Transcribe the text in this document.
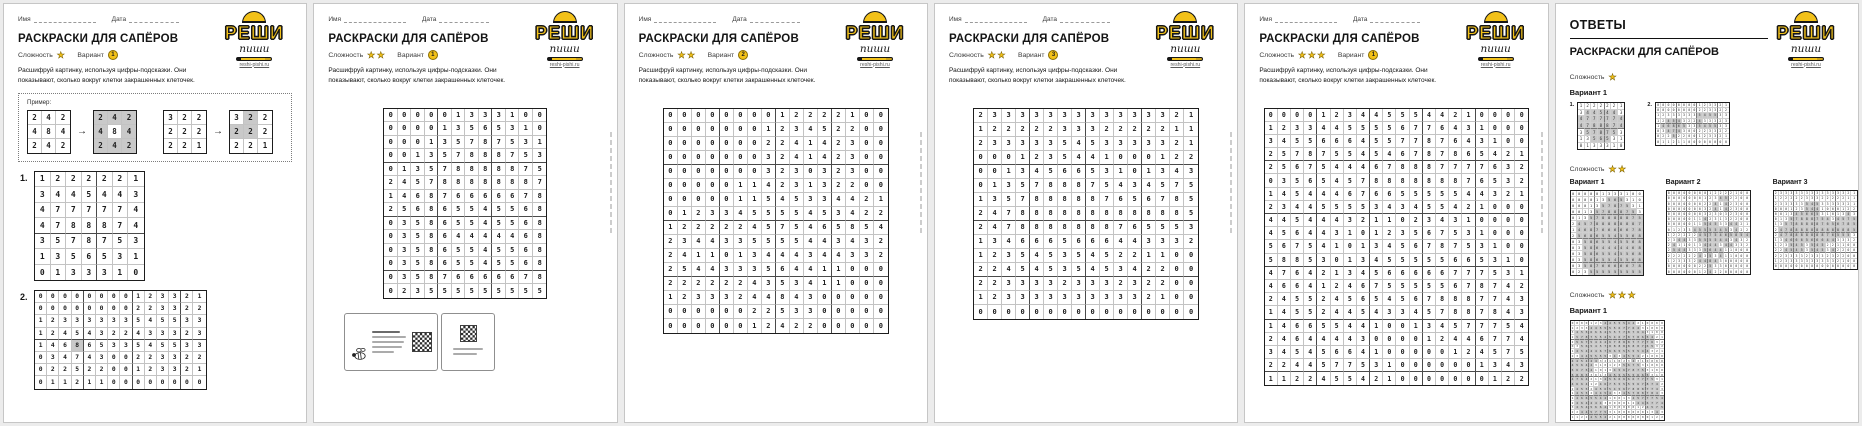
Имя	Дата
РЕШИ
пиши
reshi-pishi.ru
РАСКРАСКИ ДЛЯ САПЁРОВ
Сложность ★ Вариант	1
Расшифруй картинку, используя цифры-подсказки. Они показывают, сколько вокруг клетки закрашенных клеточек.
Пример:
2	4	2
4	8	4
2	4	2
→
2	4	2
4	8	4
2	4	2
3	2	2
2	2	2
2	2	1
→
3	2	2
2	2	2
2	2	1
1.	1	2	2	2	2	2	1
3	4	4	5	4	4	3
4	7	7	7	7	7	4
4	7	8	8	8	7	4
3	5	7	8	7	5	3
1	3	5	6	5	3	1
0	1	3	3	3	1	0
2.	0	0	0	0	0	0	0	0	1	2	3	3	2	1
0	0	0	0	0	0	0	0	2	2	3	3	2	2
1	2	3	3	3	3	3	3	5	4	5	5	3	3
1	2	4	5	4	3	2	2	4	3	3	3	2	3
1	4	6	8	6	5	3	3	5	4	5	5	3	3
0	3	4	7	4	3	0	0	2	2	3	3	2	2
0	2	2	5	2	2	0	0	1	2	3	3	2	1
0	1	1	2	1	1	0	0	0	0	0	0	0	0
Имя	Дата
РЕШИ
пиши
reshi-pishi.ru
РАСКРАСКИ ДЛЯ САПЁРОВ
Сложность ★★ Вариант	1
Расшифруй картинку, используя цифры-подсказки. Они показывают, сколько вокруг клетки закрашенных клеточек.
0	0	0	0	0	1	3	3	3	1	0	0
0	0	0	0	1	3	5	6	5	3	1	0
0	0	0	1	3	5	7	8	7	5	3	1
0	0	1	3	5	7	8	8	8	7	5	3
0	1	3	5	7	8	8	8	8	8	7	5
2	4	5	7	8	8	8	8	8	8	8	7
1	4	6	8	7	6	6	6	6	6	7	8
2	5	6	8	6	5	5	4	5	5	6	8
0	3	5	8	6	5	5	4	5	5	6	8
0	3	5	8	6	4	4	4	4	4	6	8
0	3	5	8	6	5	5	4	5	5	6	8
0	3	5	8	6	5	5	4	5	5	6	8
0	3	5	8	7	6	6	6	6	6	7	8
0	2	3	5	5	5	5	5	5	5	5	5
Имя	Дата
РЕШИ
пиши
reshi-pishi.ru
РАСКРАСКИ ДЛЯ САПЁРОВ
Сложность ★★ Вариант	2
Расшифруй картинку, используя цифры-подсказки. Они показывают, сколько вокруг клетки закрашенных клеточек.
0	0	0	0	0	0	0	0	1	2	2	2	2	1	0	0
0	0	0	0	0	0	0	1	2	3	4	5	2	2	0	0
0	0	0	0	0	0	0	2	2	4	1	4	2	3	0	0
0	0	0	0	0	0	0	3	2	4	1	4	2	3	0	0
0	0	0	0	0	0	0	3	2	3	0	3	2	3	0	0
0	0	0	0	0	1	1	4	2	3	1	3	2	2	0	0
0	0	0	0	0	1	1	5	4	5	3	3	4	4	2	1
0	1	2	3	3	4	5	5	5	5	4	5	3	4	2	2
1	2	2	2	2	2	4	5	7	5	4	6	5	8	5	4
2	3	4	4	3	3	5	5	5	5	4	4	3	4	3	2
2	4	1	1	0	1	3	4	4	4	3	4	4	3	3	2
2	5	4	4	3	3	3	5	6	4	4	1	1	0	0	0
2	2	2	2	2	2	4	3	5	3	4	1	1	0	0	0
1	2	3	3	3	2	4	4	8	4	3	0	0	0	0	0
0	0	0	0	0	0	2	2	5	3	3	0	0	0	0	0
0	0	0	0	0	0	1	2	4	2	2	0	0	0	0	0
Имя	Дата
РЕШИ
пиши
reshi-pishi.ru
РАСКРАСКИ ДЛЯ САПЁРОВ
Сложность ★★ Вариант	3
Расшифруй картинку, используя цифры-подсказки. Они показывают, сколько вокруг клетки закрашенных клеточек.
2	3	3	3	3	3	3	3	3	3	3	3	3	3	2	1
1	2	2	2	2	2	3	3	3	2	2	2	2	2	1	1
2	3	3	3	3	3	5	4	5	3	3	3	3	3	2	1
0	0	0	1	2	3	5	4	4	1	0	0	0	1	2	2
0	0	1	3	4	5	6	6	5	3	1	0	1	3	4	3
0	1	3	5	7	8	8	8	7	5	4	3	4	5	7	5
1	3	5	7	8	8	8	8	8	7	6	5	6	7	8	5
2	4	7	8	8	8	8	8	8	8	8	8	8	8	8	5
2	4	7	8	8	8	8	8	8	8	7	6	5	5	5	3
1	3	4	6	6	6	5	6	6	6	4	4	3	3	3	2
1	2	3	5	4	5	3	5	4	5	2	2	1	1	0	0
2	2	4	5	4	5	3	5	4	5	3	4	2	2	0	0
2	2	3	3	3	3	2	3	3	3	2	3	2	2	0	0
1	2	3	3	3	3	3	3	3	3	3	3	2	1	0	0
0	0	0	0	0	0	0	0	0	0	0	0	0	0	0	0
Имя	Дата
РЕШИ
пиши
reshi-pishi.ru
РАСКРАСКИ ДЛЯ САПЁРОВ
Сложность ★★★ Вариант	1
Расшифруй картинку, используя цифры-подсказки. Они показывают, сколько вокруг клетки закрашенных клеточек.
0	0	0	0	1	2	3	4	4	5	5	5	4	4	2	1	0	0	0	0
1	2	3	3	4	4	5	5	5	5	6	7	7	6	4	3	1	0	0	0
3	4	5	5	6	6	6	4	5	5	7	7	8	7	6	4	3	1	0	0
2	5	7	8	7	5	5	4	5	4	6	7	8	7	8	6	5	4	2	1
2	5	6	7	5	4	4	4	6	7	8	8	8	7	7	7	7	6	3	2
0	3	5	6	5	4	5	7	8	8	8	8	8	8	8	7	6	5	3	2
1	4	5	4	4	4	6	7	6	6	5	5	5	5	5	4	4	3	2	1
2	3	4	4	5	5	5	5	3	4	3	4	5	5	4	2	1	0	0	0
4	4	5	4	4	4	3	2	1	1	0	2	3	4	3	1	0	0	0	0
4	5	6	4	4	3	1	0	1	2	3	5	6	7	5	3	1	0	0	0
5	6	7	5	4	1	0	1	3	4	5	6	7	8	7	5	3	1	0	0
5	8	8	5	3	0	1	3	4	5	5	5	5	5	6	6	5	3	1	0
4	7	6	4	2	1	3	4	5	6	6	6	6	6	7	7	7	5	3	1
4	6	6	4	1	2	4	6	7	5	5	5	5	5	6	7	8	7	4	2
2	4	5	5	2	4	5	6	5	4	5	6	7	8	8	8	7	7	4	3
1	4	5	5	2	4	4	5	4	3	3	4	5	7	8	8	7	8	4	3
1	4	6	6	5	5	4	4	1	0	0	1	3	4	5	7	7	7	5	4
2	4	6	4	4	4	4	3	0	0	0	0	1	2	4	4	6	7	7	4
3	4	5	4	5	6	6	4	1	0	0	0	0	0	1	2	4	5	7	5
2	2	4	4	5	7	7	5	3	1	0	0	0	0	0	0	1	3	4	3
1	1	2	2	4	5	5	4	2	1	0	0	0	0	0	0	0	1	2	2
ОТВЕТЫ
РАСКРАСКИ ДЛЯ САПЁРОВ
РЕШИ
пиши
reshi-pishi.ru
Сложность ★
Вариант 1
1.	1	2	2	2	2	2	1
3	4	4	5	4	4	3
4	7	7	7	7	7	4
4	7	8	8	8	7	4
3	5	7	8	7	5	3
1	3	5	6	5	3	1
0	1	3	3	3	1	0
2.	0	0	0	0	0	0	0	0	1	2	3	3	2	1
0	0	0	0	0	0	0	0	2	2	3	3	2	2
1	2	3	3	3	3	3	3	5	4	5	5	3	3
1	2	4	5	4	3	2	2	4	3	3	3	2	3
1	4	6	8	6	5	3	3	5	4	5	5	3	3
0	3	4	7	4	3	0	0	2	2	3	3	2	2
0	2	2	5	2	2	0	0	1	2	3	3	2	1
0	1	1	2	1	1	0	0	0	0	0	0	0	0
Сложность ★★
Вариант 1
0	0	0	0	0	1	3	3	3	1	0	0
0	0	0	0	1	3	5	6	5	3	1	0
0	0	0	1	3	5	7	8	7	5	3	1
0	0	1	3	5	7	8	8	8	7	5	3
0	1	3	5	7	8	8	8	8	8	7	5
2	4	5	7	8	8	8	8	8	8	8	7
1	4	6	8	7	6	6	6	6	6	7	8
2	5	6	8	6	5	5	4	5	5	6	8
0	3	5	8	6	5	5	4	5	5	6	8
0	3	5	8	6	4	4	4	4	4	6	8
0	3	5	8	6	5	5	4	5	5	6	8
0	3	5	8	6	5	5	4	5	5	6	8
0	3	5	8	7	6	6	6	6	6	7	8
0	2	3	5	5	5	5	5	5	5	5	5
Вариант 2
0	0	0	0	0	0	0	0	1	2	2	2	2	1	0	0
0	0	0	0	0	0	0	1	2	3	4	5	2	2	0	0
0	0	0	0	0	0	0	2	2	4	1	4	2	3	0	0
0	0	0	0	0	0	0	3	2	4	1	4	2	3	0	0
0	0	0	0	0	0	0	3	2	3	0	3	2	3	0	0
0	0	0	0	0	1	1	4	2	3	1	3	2	2	0	0
0	0	0	0	0	1	1	5	4	5	3	3	4	4	2	1
0	1	2	3	3	4	5	5	5	5	4	5	3	4	2	2
1	2	2	2	2	2	4	5	7	5	4	6	5	8	5	4
2	3	4	4	3	3	5	5	5	5	4	4	3	4	3	2
2	4	1	1	0	1	3	4	4	4	3	4	4	3	3	2
2	5	4	4	3	3	3	5	6	4	4	1	1	0	0	0
2	2	2	2	2	2	4	3	5	3	4	1	1	0	0	0
1	2	3	3	3	2	4	4	8	4	3	0	0	0	0	0
0	0	0	0	0	0	2	2	5	3	3	0	0	0	0	0
0	0	0	0	0	0	1	2	4	2	2	0	0	0	0	0
Вариант 3
2	3	3	3	3	3	3	3	3	3	3	3	3	3	2	1
1	2	2	2	2	2	3	3	3	2	2	2	2	2	1	1
2	3	3	3	3	3	5	4	5	3	3	3	3	3	2	1
0	0	0	1	2	3	5	4	4	1	0	0	0	1	2	2
0	0	1	3	4	5	6	6	5	3	1	0	1	3	4	3
0	1	3	5	7	8	8	8	7	5	4	3	4	5	7	5
1	3	5	7	8	8	8	8	8	7	6	5	6	7	8	5
2	4	7	8	8	8	8	8	8	8	8	8	8	8	8	5
2	4	7	8	8	8	8	8	8	8	7	6	5	5	5	3
1	3	4	6	6	6	5	6	6	6	4	4	3	3	3	2
1	2	3	5	4	5	3	5	4	5	2	2	1	1	0	0
2	2	4	5	4	5	3	5	4	5	3	4	2	2	0	0
2	2	3	3	3	3	2	3	3	3	2	3	2	2	0	0
1	2	3	3	3	3	3	3	3	3	3	3	2	1	0	0
0	0	0	0	0	0	0	0	0	0	0	0	0	0	0	0
Сложность ★★★
Вариант 1
0	0	0	0	1	2	3	4	4	5	5	5	4	4	2	1	0	0	0	0
1	2	3	3	4	4	5	5	5	5	6	7	7	6	4	3	1	0	0	0
3	4	5	5	6	6	6	4	5	5	7	7	8	7	6	4	3	1	0	0
2	5	7	8	7	5	5	4	5	4	6	7	8	7	8	6	5	4	2	1
2	5	6	7	5	4	4	4	6	7	8	8	8	7	7	7	7	6	3	2
0	3	5	6	5	4	5	7	8	8	8	8	8	8	8	7	6	5	3	2
1	4	5	4	4	4	6	7	6	6	5	5	5	5	5	4	4	3	2	1
2	3	4	4	5	5	5	5	3	4	3	4	5	5	4	2	1	0	0	0
4	4	5	4	4	4	3	2	1	1	0	2	3	4	3	1	0	0	0	0
4	5	6	4	4	3	1	0	1	2	3	5	6	7	5	3	1	0	0	0
5	6	7	5	4	1	0	1	3	4	5	6	7	8	7	5	3	1	0	0
5	8	8	5	3	0	1	3	4	5	5	5	5	5	6	6	5	3	1	0
4	7	6	4	2	1	3	4	5	6	6	6	6	6	7	7	7	5	3	1
4	6	6	4	1	2	4	6	7	5	5	5	5	5	6	7	8	7	4	2
2	4	5	5	2	4	5	6	5	4	5	6	7	8	8	8	7	7	4	3
1	4	5	5	2	4	4	5	4	3	3	4	5	7	8	8	7	8	4	3
1	4	6	6	5	5	4	4	1	0	0	1	3	4	5	7	7	7	5	4
2	4	6	4	4	4	4	3	0	0	0	0	1	2	4	4	6	7	7	4
3	4	5	4	5	6	6	4	1	0	0	0	0	0	1	2	4	5	7	5
2	2	4	4	5	7	7	5	3	1	0	0	0	0	0	0	1	3	4	3
1	1	2	2	4	5	5	4	2	1	0	0	0	0	0	0	0	1	2	2
